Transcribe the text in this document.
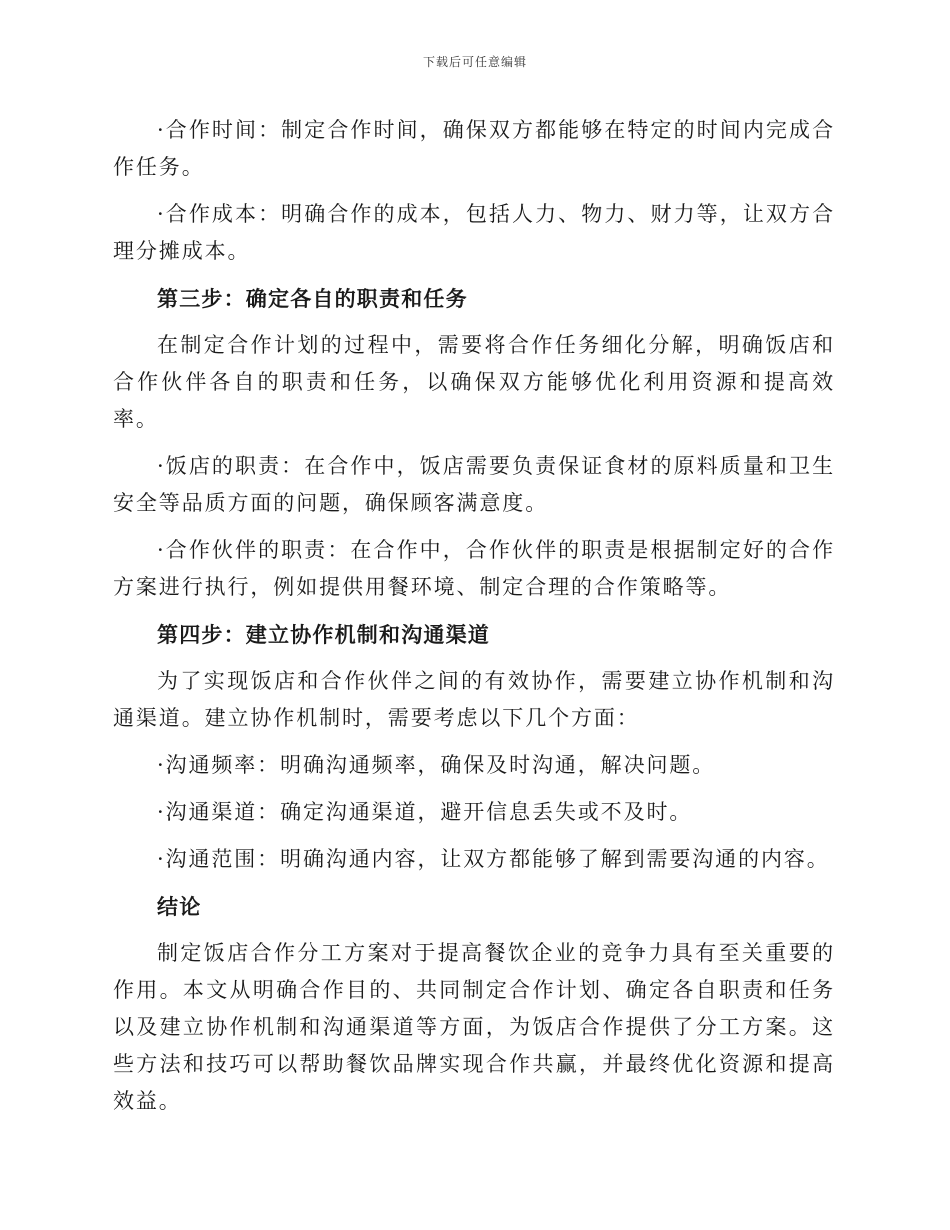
下载后可任意编辑

·合作时间：制定合作时间，确保双方都能够在特定的时间内完成合作任务。

·合作成本：明确合作的成本，包括人力、物力、财力等，让双方合理分摊成本。

第三步：确定各自的职责和任务

在制定合作计划的过程中，需要将合作任务细化分解，明确饭店和合作伙伴各自的职责和任务，以确保双方能够优化利用资源和提高效率。

·饭店的职责：在合作中，饭店需要负责保证食材的原料质量和卫生安全等品质方面的问题，确保顾客满意度。

·合作伙伴的职责：在合作中，合作伙伴的职责是根据制定好的合作方案进行执行，例如提供用餐环境、制定合理的合作策略等。

第四步：建立协作机制和沟通渠道

为了实现饭店和合作伙伴之间的有效协作，需要建立协作机制和沟通渠道。建立协作机制时，需要考虑以下几个方面：

·沟通频率：明确沟通频率，确保及时沟通，解决问题。

·沟通渠道：确定沟通渠道，避开信息丢失或不及时。

·沟通范围：明确沟通内容，让双方都能够了解到需要沟通的内容。

结论

制定饭店合作分工方案对于提高餐饮企业的竞争力具有至关重要的作用。本文从明确合作目的、共同制定合作计划、确定各自职责和任务以及建立协作机制和沟通渠道等方面，为饭店合作提供了分工方案。这些方法和技巧可以帮助餐饮品牌实现合作共赢，并最终优化资源和提高效益。
